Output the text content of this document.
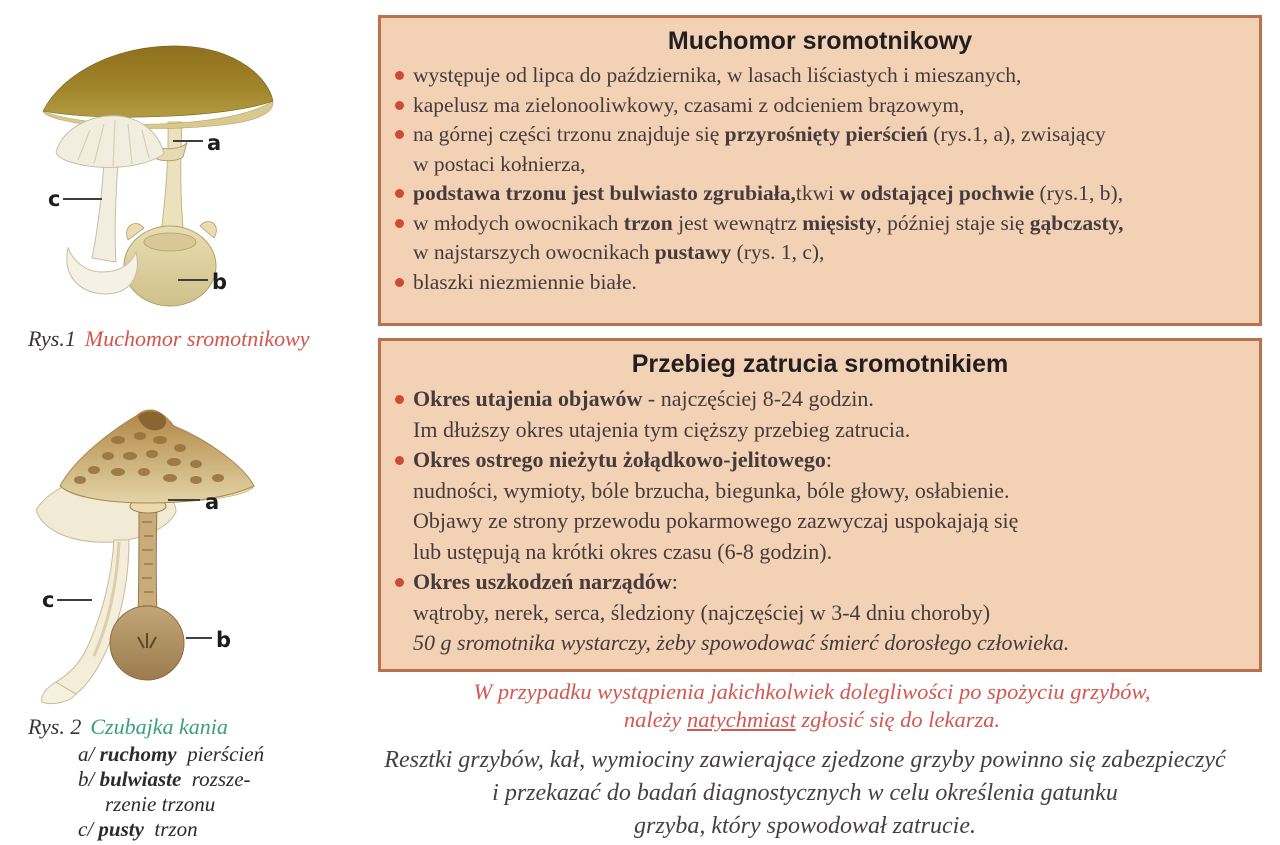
a
c
b
Rys.1 Muchomor sromotnikowy
a
c
b
Rys. 2 Czubajka kania
a/ ruchomy  pierścień
b/ bulwiaste  rozsze-
rzenie trzonu
c/ pusty  trzon
Muchomor sromotnikowy
występuje od lipca do października, w lasach liściastych i mieszanych,
kapelusz ma zielonooliwkowy, czasami z odcieniem brązowym,
na górnej części trzonu znajduje się przyrośnięty pierścień (rys.1, a), zwisający
w postaci kołnierza,
podstawa trzonu jest bulwiasto zgrubiała,tkwi w odstającej pochwie (rys.1, b),
w młodych owocnikach trzon jest wewnątrz mięsisty, później staje się gąbczasty,
w najstarszych owocnikach pustawy (rys. 1, c),
blaszki niezmiennie białe.
Przebieg zatrucia sromotnikiem
Okres utajenia objawów - najczęściej 8-24 godzin.
Im dłuższy okres utajenia tym cięższy przebieg zatrucia.
Okres ostrego nieżytu żołądkowo-jelitowego:
nudności, wymioty, bóle brzucha, biegunka, bóle głowy, osłabienie.
Objawy ze strony przewodu pokarmowego zazwyczaj uspokajają się
lub ustępują na krótki okres czasu (6-8 godzin).
Okres uszkodzeń narządów:
wątroby, nerek, serca, śledziony (najczęściej w 3-4 dniu choroby)
50 g sromotnika wystarczy, żeby spowodować śmierć dorosłego człowieka.
W przypadku wystąpienia jakichkolwiek dolegliwości po spożyciu grzybów,
należy natychmiast zgłosić się do lekarza.
Resztki grzybów, kał, wymiociny zawierające zjedzone grzyby powinno się zabezpieczyć
i przekazać do badań diagnostycznych w celu określenia gatunku
grzyba, który spowodował zatrucie.
